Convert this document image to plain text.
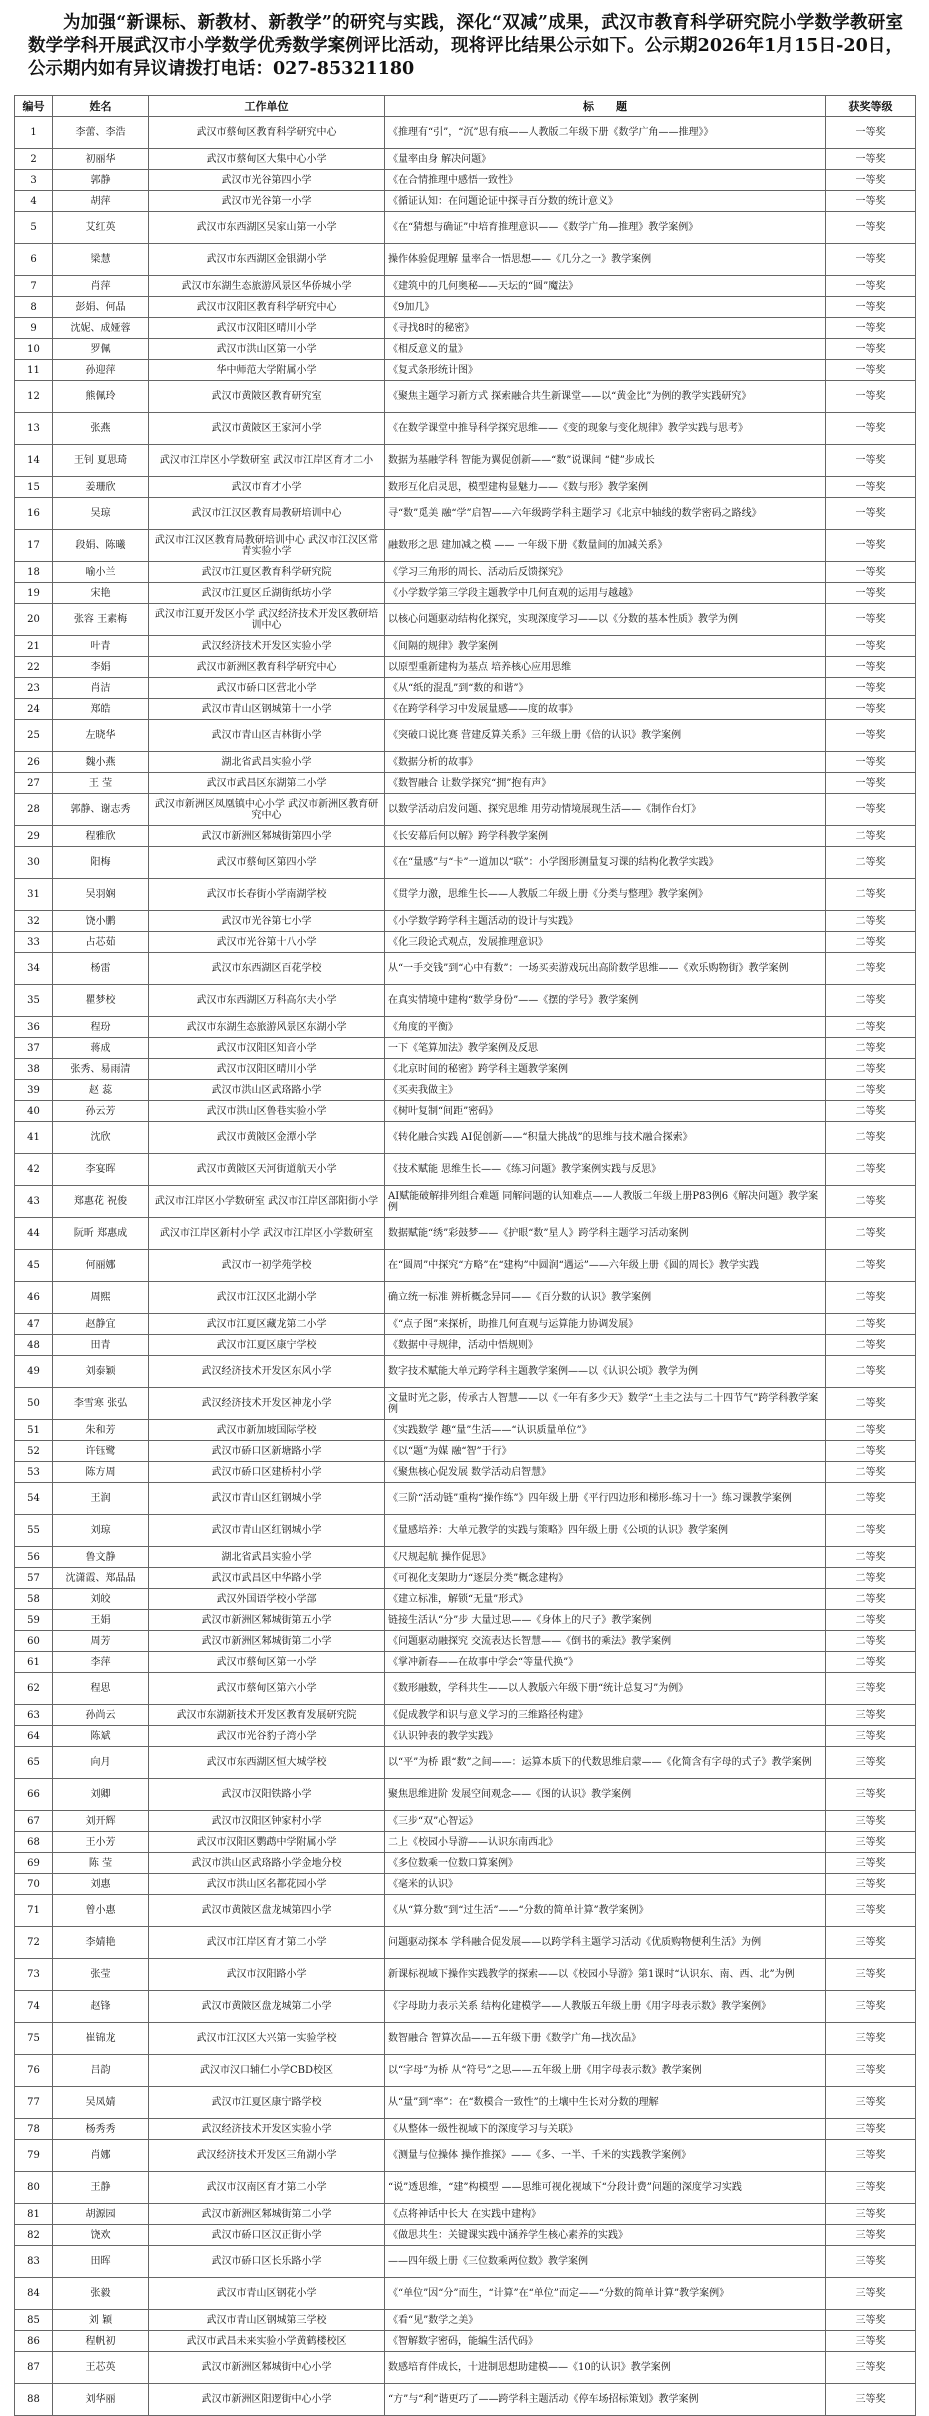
为加强“新课标、新教材、新教学”的研究与实践，深化“双减”成果，武汉市教育科学研究院小学数学教研室数学学科开展武汉市小学数学优秀数学案例评比活动，现将评比结果公示如下。公示期2026年1月15日-20日，公示期内如有异议请拨打电话：027-85321180
编号	姓名	工作单位	标　　题	获奖等级
1	李蕾、李浩	武汉市蔡甸区教育科学研究中心	《推理有“引”，“沉”思有痕——人教版二年级下册《数学广角——推理》》	一等奖
2	初丽华	武汉市蔡甸区大集中心小学	《量率由身 解决问题》	一等奖
3	郭静	武汉市光谷第四小学	《在合情推理中感悟一致性》	一等奖
4	胡萍	武汉市光谷第一小学	《循证认知：在问题论证中探寻百分数的统计意义》	一等奖
5	艾红英	武汉市东西湖区吴家山第一小学	《在“猜想与确证”中培育推理意识——《数学广角—推理》教学案例》	一等奖
6	梁慧	武汉市东西湖区金银湖小学	操作体验促理解 量率合一悟思想——《几分之一》教学案例	一等奖
7	肖萍	武汉市东湖生态旅游风景区华侨城小学	《建筑中的几何奥秘——天坛的“圆”魔法》	一等奖
8	彭娟、何晶	武汉市汉阳区教育科学研究中心	《9加几》	一等奖
9	沈妮、成娅蓉	武汉市汉阳区晴川小学	《寻找8时的秘密》	一等奖
10	罗佩	武汉市洪山区第一小学	《相反意义的量》	一等奖
11	孙迎萍	华中师范大学附属小学	《复式条形统计图》	一等奖
12	熊佩玲	武汉市黄陂区教育研究室	《聚焦主题学习新方式 探索融合共生新课堂——以“黄金比”为例的教学实践研究》	一等奖
13	张燕	武汉市黄陂区王家河小学	《在数学课堂中推导科学探究思维——《变的现象与变化规律》教学实践与思考》	一等奖
14	王钊 夏思琦	武汉市江岸区小学数研室 武汉市江岸区育才二小	数据为基融学科 智能为翼促创新——“数”说课间 “健”步成长	一等奖
15	姜珊欣	武汉市育才小学	数形互化启灵思，模型建构显魅力——《数与形》教学案例	一等奖
16	吴琼	武汉市江汉区教育局教研培训中心	寻“数”觅美 融“学”启智——六年级跨学科主题学习《北京中轴线的数学密码之路线》	一等奖
17	段娟、陈曦	武汉市江汉区教育局教研培训中心 武汉市江汉区常青实验小学	融数形之思 建加减之模 —— 一年级下册《数量间的加减关系》	一等奖
18	喻小兰	武汉市江夏区教育科学研究院	《学习三角形的周长、活动后反馈探究》	一等奖
19	宋艳	武汉市江夏区丘湖街纸坊小学	《小学数学第三学段主题教学中几何直观的运用与越越》	一等奖
20	张容 王素梅	武汉市江夏开发区小学 武汉经济技术开发区教研培训中心	以核心问题驱动结构化探究，实现深度学习——以《分数的基本性质》教学为例	一等奖
21	叶青	武汉经济技术开发区实验小学	《间隔的规律》教学案例	一等奖
22	李娟	武汉市新洲区教育科学研究中心	以原型重新建构为基点 培养核心应用思维	一等奖
23	肖洁	武汉市硚口区营北小学	《从“纸的混乱”到“数的和谐”》	一等奖
24	郑皓	武汉市青山区钢城第十一小学	《在跨学科学习中发展量感——度的故事》	一等奖
25	左晓华	武汉市青山区吉林街小学	《突破口说比赛 营建反算关系》三年级上册《倍的认识》教学案例	一等奖
26	魏小燕	湖北省武昌实验小学	《数据分析的故事》	一等奖
27	王 莹	武汉市武昌区东湖第二小学	《数智融合 让数学探究“拥”抱有声》	一等奖
28	郭静、谢志秀	武汉市新洲区凤凰镇中心小学 武汉市新洲区教育研究中心	以数学活动启发问题、探究思维 用劳动情境展现生活——《制作台灯》	一等奖
29	程雅欣	武汉市新洲区邾城街第四小学	《长安幕后何以解》跨学科教学案例	二等奖
30	阳梅	武汉市蔡甸区第四小学	《在“量感”与“卡”一道加以“联”：小学图形测量复习课的结构化教学实践》	二等奖
31	吴羽娴	武汉市长春街小学南湖学校	《贯学力激，思维生长——人教版二年级上册《分类与整理》教学案例》	二等奖
32	饶小鹏	武汉市光谷第七小学	《小学数学跨学科主题活动的设计与实践》	二等奖
33	占芯茹	武汉市光谷第十八小学	《化三段论式观点，发展推理意识》	二等奖
34	杨雷	武汉市东西湖区百花学校	从“一手交钱”到“心中有数”：一场买卖游戏玩出高阶数学思维——《欢乐购物街》教学案例	二等奖
35	瞿梦校	武汉市东西湖区万科高尔夫小学	在真实情境中建构“数学身份”——《摆的学号》教学案例	二等奖
36	程玢	武汉市东湖生态旅游风景区东湖小学	《角度的平衡》	二等奖
37	蒋成	武汉市汉阳区知音小学	一下《笔算加法》教学案例及反思	二等奖
38	张秀、易雨清	武汉市汉阳区晴川小学	《北京时间的秘密》跨学科主题教学案例	二等奖
39	赵 蕊	武汉市洪山区武珞路小学	《买卖我做主》	二等奖
40	孙云芳	武汉市洪山区鲁巷实验小学	《树叶复制“间距”密码》	二等奖
41	沈欣	武汉市黄陂区金潭小学	《转化融合实践 AI促创新——“积量大挑战”的思维与技术融合探索》	二等奖
42	李宴晖	武汉市黄陂区天河街道航天小学	《技术赋能 思维生长——《练习问题》教学案例实践与反思》	二等奖
43	郑惠花 祝俊	武汉市江岸区小学数研室 武汉市江岸区部阳街小学	AI赋能破解排列组合难题 同解问题的认知难点——人教版二年级上册P83例6《解决问题》教学案例	二等奖
44	阮昕 郑惠成	武汉市江岸区新村小学 武汉市江岸区小学数研室	数据赋能“绣”彩鼓梦——《护眼“数”星人》跨学科主题学习活动案例	二等奖
45	何丽娜	武汉市一初学苑学校	在“圆周”中探究“方略”在“建构”中圆润“遇运”——六年级上册《圆的周长》教学实践	二等奖
46	周熙	武汉市江汉区北湖小学	确立统一标准 辨析概念异同——《百分数的认识》教学案例	二等奖
47	赵静宜	武汉市江夏区藏龙第二小学	《“点子图”来探析，助推几何直观与运算能力协调发展》	二等奖
48	田青	武汉市江夏区康宁学校	《数据中寻规律，活动中悟规则》	二等奖
49	刘泰颖	武汉经济技术开发区东风小学	数字技术赋能大单元跨学科主题教学案例——以《认识公顷》教学为例	二等奖
50	李雪寒 张弘	武汉经济技术开发区神龙小学	文量时光之影，传承古人智慧——以《一年有多少天》数学“土圭之法与二十四节气”跨学科教学案例	二等奖
51	朱和芳	武汉市新加坡国际学校	《实践数学 趣“量”生活——“认识质量单位”》	二等奖
52	许钰鹭	武汉市硚口区新塘路小学	《以“题”为媒 融“智”于行》	二等奖
53	陈方周	武汉市硚口区建桥村小学	《聚焦核心促发展 数学活动启智慧》	二等奖
54	王润	武汉市青山区红钢城小学	《三阶“活动链”重构“操作练”》四年级上册《平行四边形和梯形-练习十一》练习课教学案例	二等奖
55	刘琼	武汉市青山区红钢城小学	《量感培养：大单元教学的实践与策略》四年级上册《公顷的认识》教学案例	二等奖
56	鲁文静	湖北省武昌实验小学	《尺规起航 操作促思》	二等奖
57	沈潇霞、郑晶晶	武汉市武昌区中华路小学	《可视化支架助力“逐层分类”概念建构》	二等奖
58	刘皎	武汉外国语学校小学部	《建立标准，解锁“无量”形式》	二等奖
59	王娟	武汉市新洲区邾城街第五小学	链接生活认“分”步 大量过思——《身体上的尺子》教学案例	二等奖
60	周芳	武汉市新洲区邾城街第二小学	《问题驱动融探究 交流表达长智慧——《倒书的乘法》教学案例	二等奖
61	李萍	武汉市蔡甸区第一小学	《掌冲新春——在故事中学会“等量代换”》	二等奖
62	程思	武汉市蔡甸区第六小学	《数形融数，学科共生——以人教版六年级下册“统计总复习”为例》	三等奖
63	孙尚云	武汉市东湖新技术开发区教育发展研究院	《促成教学和识与意义学习的三维路径构建》	三等奖
64	陈斌	武汉市光谷豹子湾小学	《认识钟表的教学实践》	三等奖
65	向月	武汉市东西湖区恒大城学校	以“平”为桥 跟“数”之间——：运算本质下的代数思维启蒙——《化简含有字母的式子》教学案例	三等奖
66	刘卿	武汉市汉阳铁路小学	聚焦思维进阶 发展空间观念——《图的认识》教学案例	三等奖
67	刘开辉	武汉市汉阳区钟家村小学	《三步“双”心智运》	三等奖
68	王小芳	武汉市汉阳区鹦鹉中学附属小学	二上《校园小导游——认识东南西北》	三等奖
69	陈 莹	武汉市洪山区武珞路小学金地分校	《多位数乘一位数口算案例》	三等奖
70	刘惠	武汉市洪山区名都花园小学	《毫米的认识》	三等奖
71	曾小惠	武汉市黄陂区盘龙城第四小学	《从“算分数”到“过生活”——“分数的简单计算”教学案例》	三等奖
72	李婧艳	武汉市江岸区育才第二小学	问题驱动探本 学科融合促发展——以跨学科主题学习活动《优质购物便利生活》为例	三等奖
73	张莹	武汉市汉阳路小学	新课标视域下操作实践教学的探索——以《校园小导游》第1课时“认识东、南、西、北”为例	三等奖
74	赵锋	武汉市黄陂区盘龙城第二小学	《字母助力表示关系 结构化建模学——人教版五年级上册《用字母表示数》教学案例》	三等奖
75	崔锦龙	武汉市江汉区大兴第一实验学校	数智融合 智算次品——五年级下册《数学广角—找次品》	三等奖
76	吕韵	武汉市汉口辅仁小学CBD校区	以“字母”为桥 从“符号”之思——五年级上册《用字母表示数》教学案例	三等奖
77	吴凤婧	武汉市江夏区康宁路学校	从“量”到“率”：在“数模合一致性”的土壤中生长对分数的理解	三等奖
78	杨秀秀	武汉经济技术开发区实验小学	《从整体一级性视域下的深度学习与关联》	三等奖
79	肖娜	武汉经济技术开发区三角湖小学	《测量与位操体 操作推探》——《多、一半、千米的实践教学案例》	三等奖
80	王静	武汉市汉南区育才第二小学	“说”透思维，“建”构模型 ——思维可视化视域下“分段计费”问题的深度学习实践	三等奖
81	胡源园	武汉市新洲区邾城街第二小学	《点将神话中长大 在实践中建构》	三等奖
82	饶欢	武汉市硚口区汉正街小学	《做思共生：关键课实践中涵养学生核心素养的实践》	三等奖
83	田晖	武汉市硚口区长乐路小学	——四年级上册《三位数乘两位数》教学案例	三等奖
84	张毅	武汉市青山区钢花小学	《“单位”因“分”而生，“计算”在“单位”而定——“分数的简单计算”教学案例》	三等奖
85	刘 颖	武汉市青山区钢城第三学校	《看“见”数学之美》	三等奖
86	程帆初	武汉市武昌未来实验小学黄鹤楼校区	《智解数字密码，能编生活代码》	三等奖
87	王芯英	武汉市新洲区邾城街中心小学	数感培育伴成长，十进制思想助建模——《10的认识》教学案例	三等奖
88	刘华丽	武汉市新洲区阳逻街中心小学	“方”与“利”谐更巧了——跨学科主题活动《停车场招标策划》教学案例	三等奖
